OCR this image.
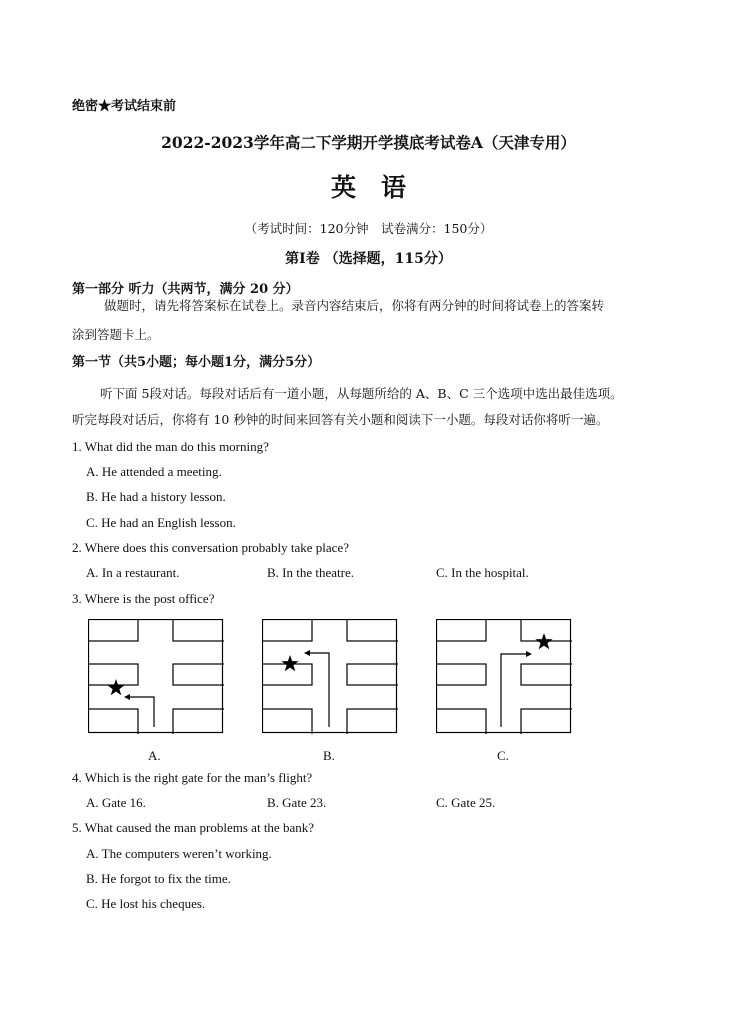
绝密★考试结束前
2022-2023学年高二下学期开学摸底考试卷A（天津专用）
英　语
（考试时间：120分钟　试卷满分：150分）
第Ⅰ卷 （选择题，115分）
第一部分 听力（共两节，满分 20 分）
做题时，请先将答案标在试卷上。录音内容结束后，你将有两分钟的时间将试卷上的答案转
涂到答题卡上。
第一节（共5小题；每小题1分，满分5分）
听下面 5段对话。每段对话后有一道小题，从每题所给的 A、B、C 三个选项中选出最佳选项。
听完每段对话后，你将有 10 秒钟的时间来回答有关小题和阅读下一小题。每段对话你将听一遍。
1. What did the man do this morning?
A. He attended a meeting.
B. He had a history lesson.
C. He had an English lesson.
2. Where does this conversation probably take place?
A. In a restaurant.	B. In the theatre.	C. In the hospital.
3. Where is the post office?
A.	B.	C.
4. Which is the right gate for the man’s flight?
A. Gate 16.	B. Gate 23.	C. Gate 25.
5. What caused the man problems at the bank?
A. The computers weren’t working.
B. He forgot to fix the time.
C. He lost his cheques.
